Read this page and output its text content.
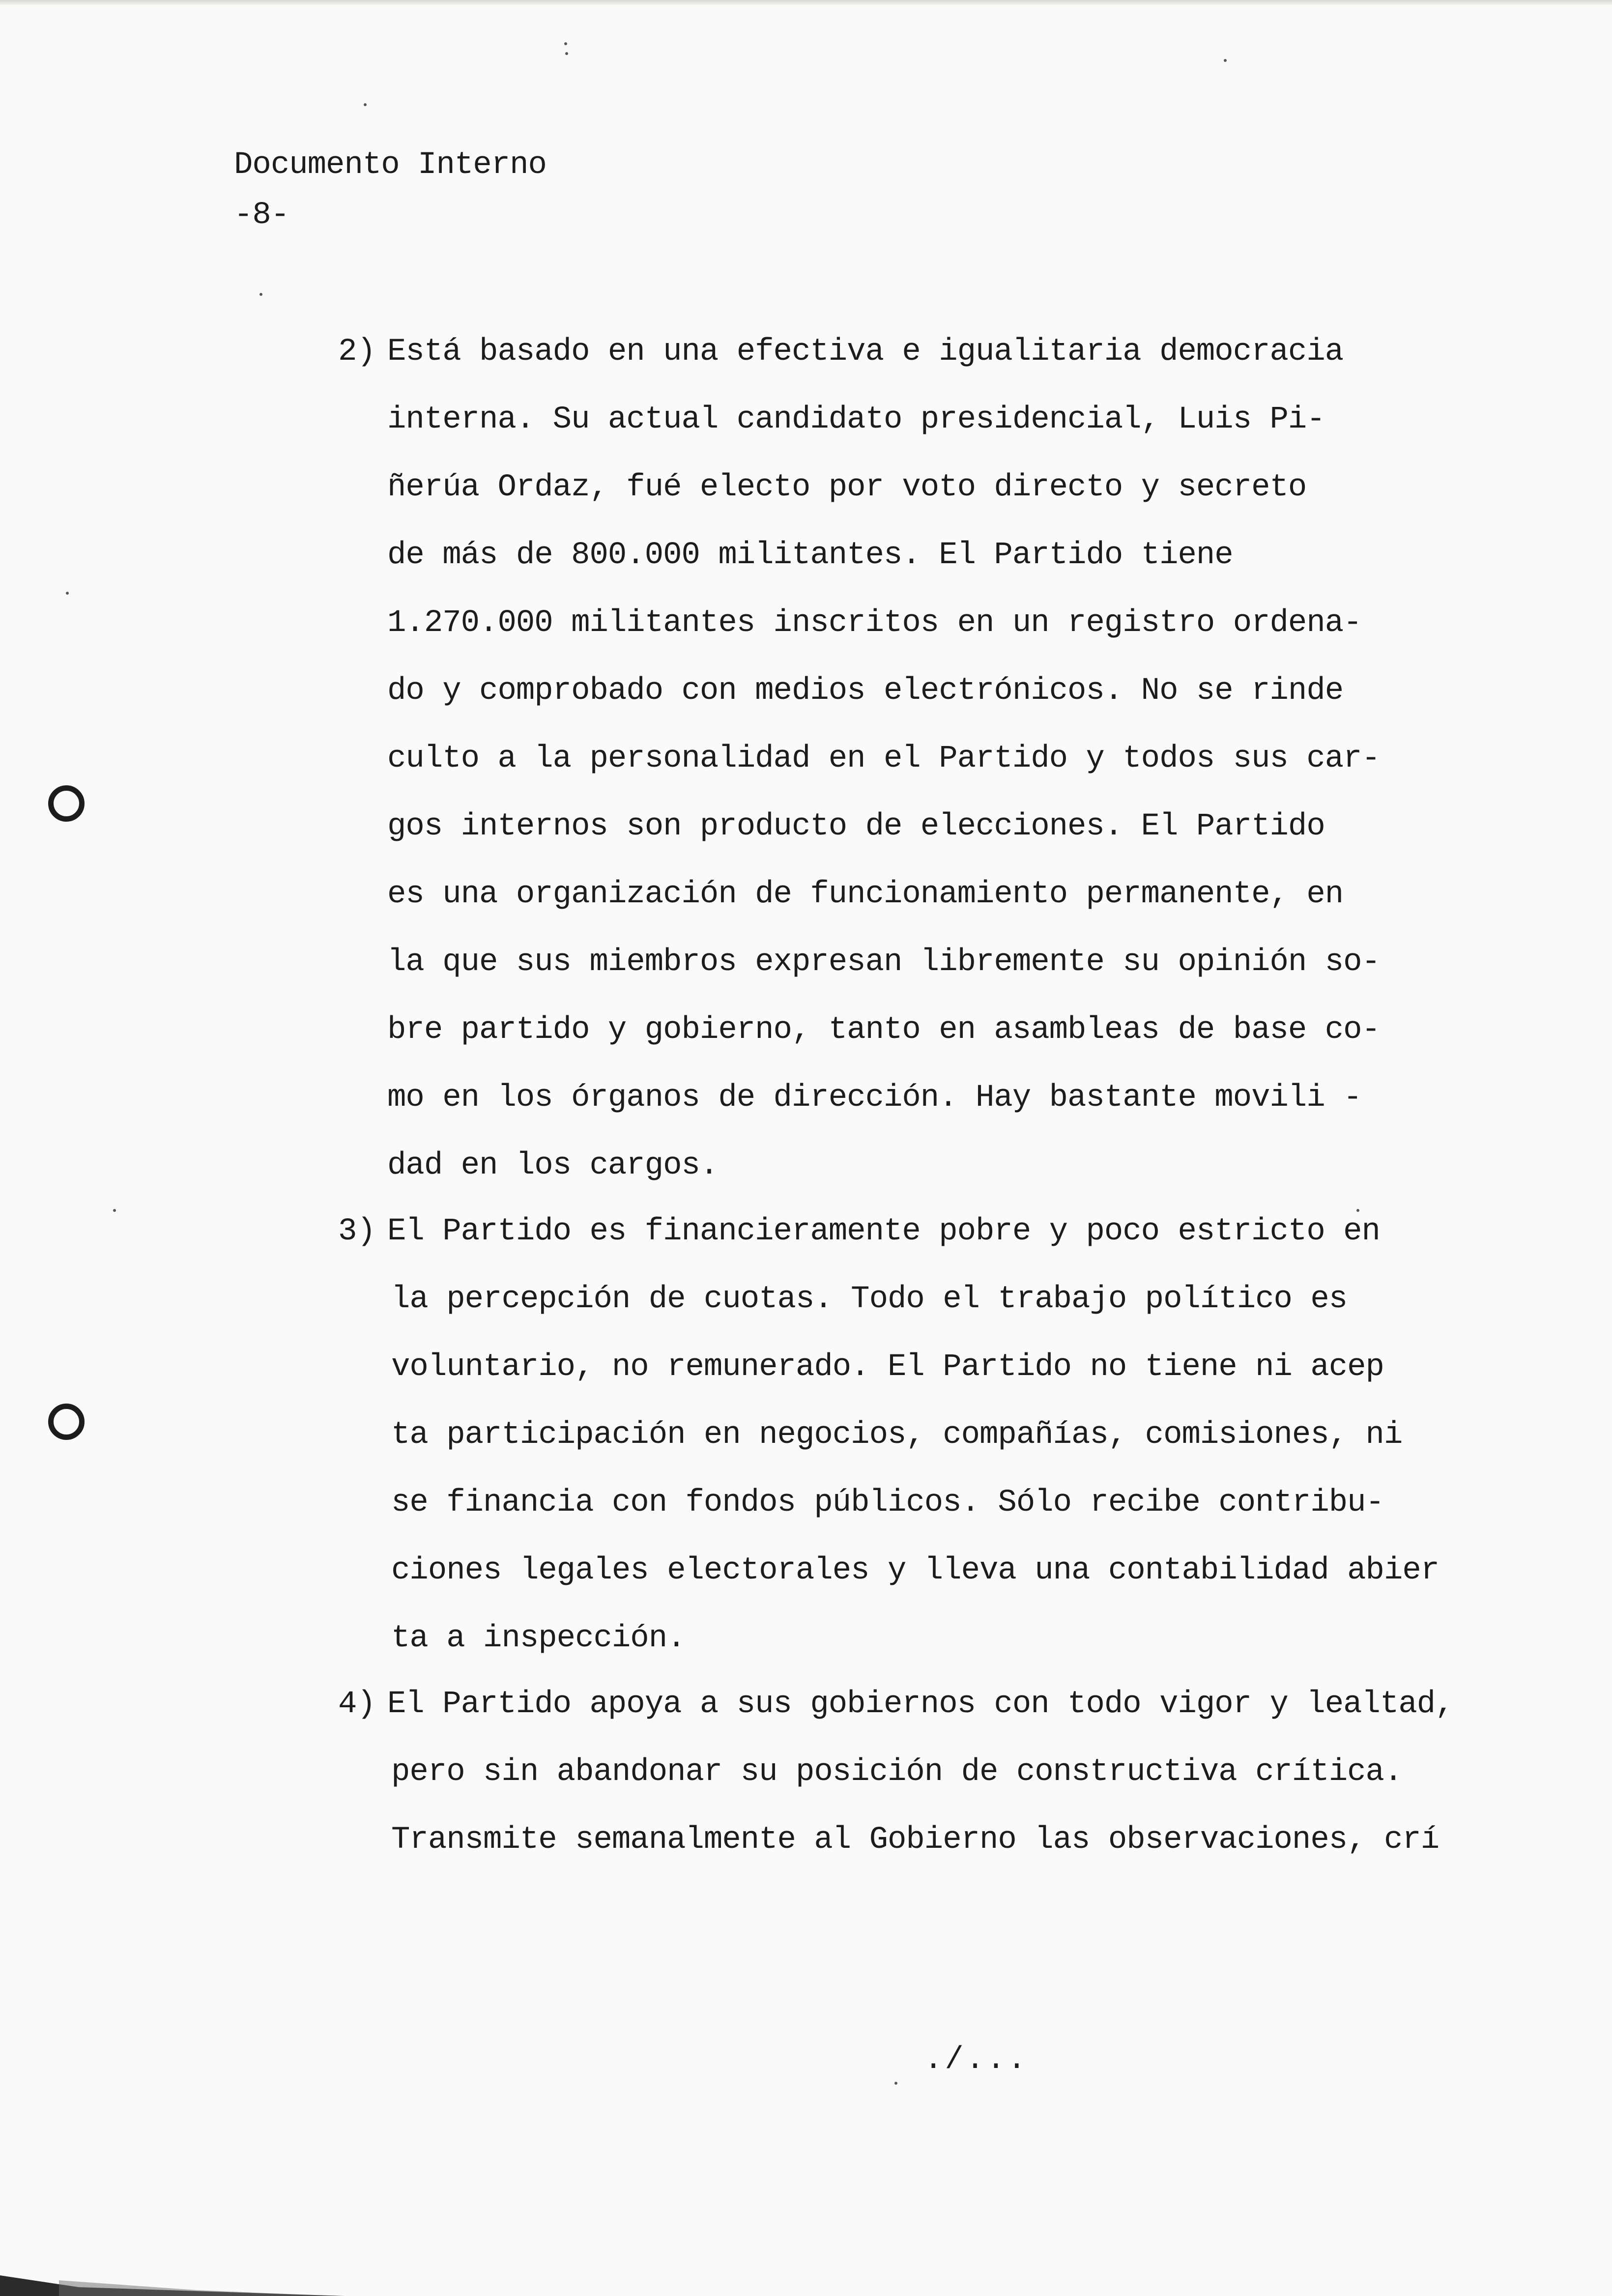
Documento Interno
-8-
2) Está basado en una efectiva e igualitaria democracia
interna. Su actual candidato presidencial, Luis Pi-
ñerúa Ordaz, fué electo por voto directo y secreto
de más de 800.000 militantes. El Partido tiene
1.270.000 militantes inscritos en un registro ordena-
do y comprobado con medios electrónicos. No se rinde
culto a la personalidad en el Partido y todos sus car-
gos internos son producto de elecciones. El Partido
es una organización de funcionamiento permanente, en
la que sus miembros expresan libremente su opinión so-
bre partido y gobierno, tanto en asambleas de base co-
mo en los órganos de dirección. Hay bastante movili -
dad en los cargos.
3) El Partido es financieramente pobre y poco estricto en
la percepción de cuotas. Todo el trabajo político es
voluntario, no remunerado. El Partido no tiene ni acep
ta participación en negocios, compañías, comisiones, ni
se financia con fondos públicos. Sólo recibe contribu-
ciones legales electorales y lleva una contabilidad abier
ta a inspección.
4) El Partido apoya a sus gobiernos con todo vigor y lealtad,
pero sin abandonar su posición de constructiva crítica.
Transmite semanalmente al Gobierno las observaciones, crí
./...
